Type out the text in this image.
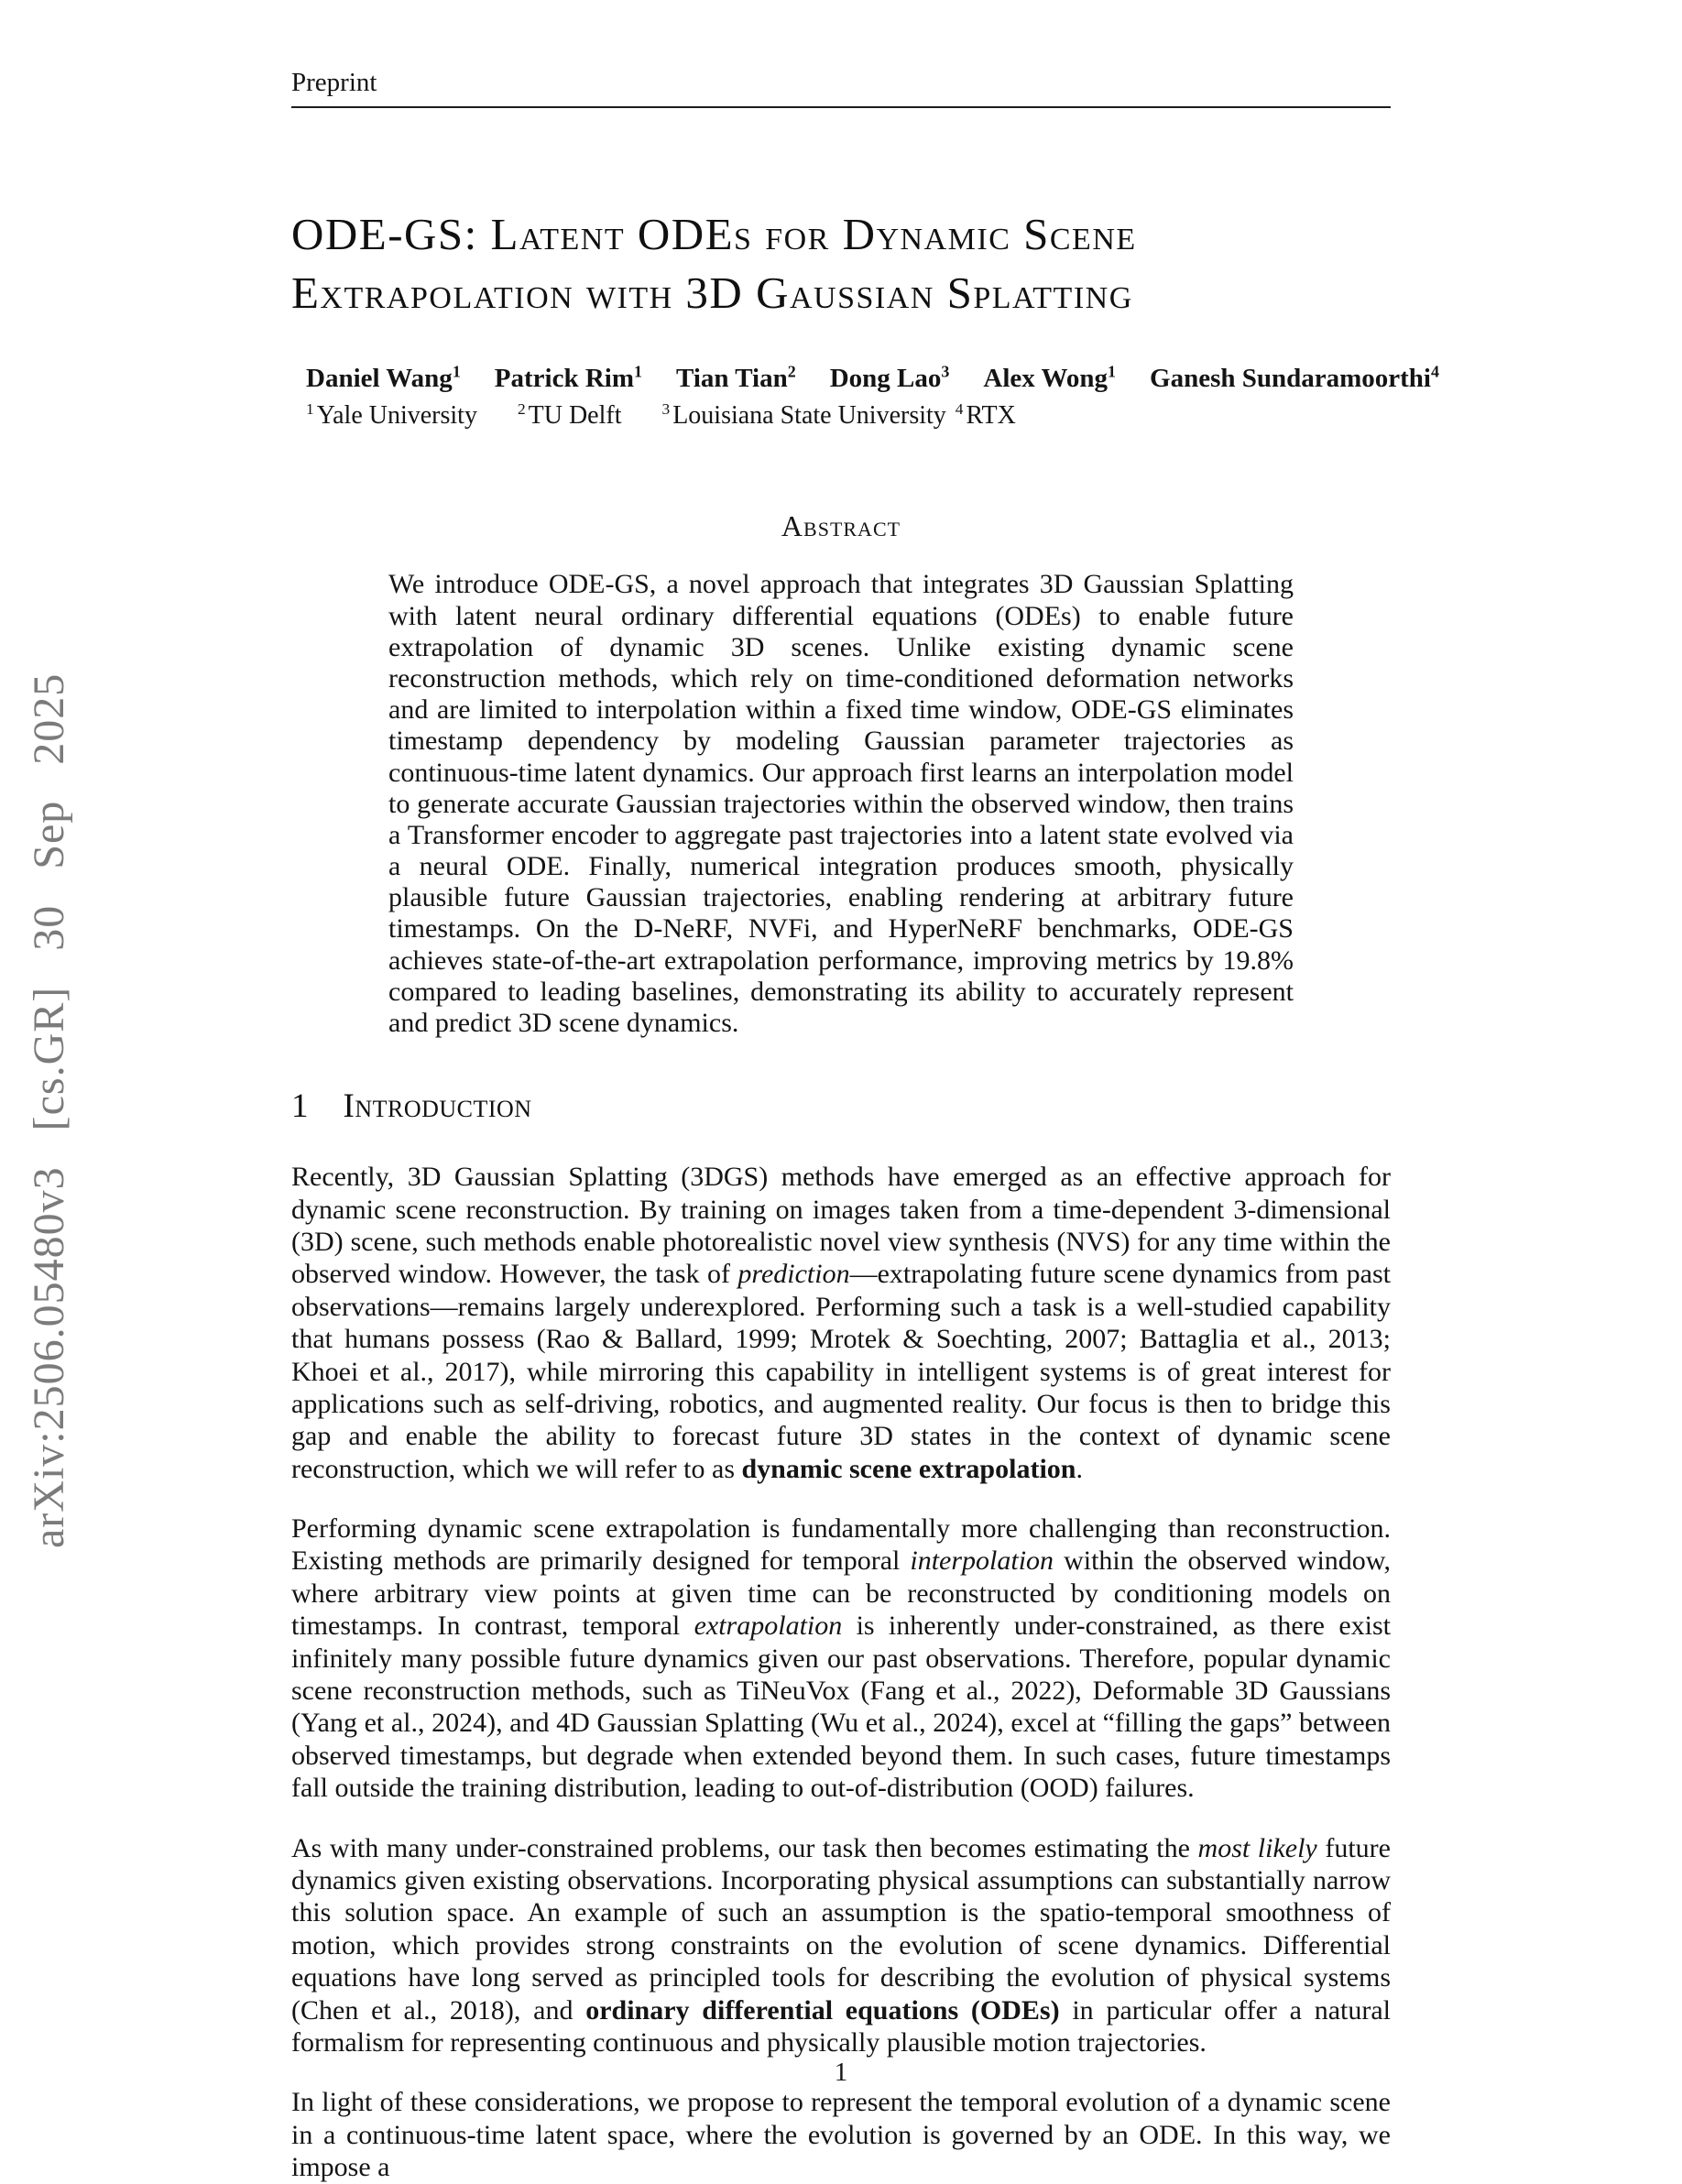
arXiv:2506.05480v3 [cs.GR] 30 Sep 2025
Preprint
ODE-GS: Latent ODEs for Dynamic Scene
Extrapolation with 3D Gaussian Splatting
Daniel Wang$^1$ Patrick Rim$^1$ Tian Tian$^2$ Dong Lao$^3$ Alex Wong$^1$ Ganesh Sundaramoorthi$^4$
$^1$ Yale University	$^2$ TU Delft	$^3$ Louisiana State University $^4$ RTX
Abstract
We introduce ODE-GS, a novel approach that integrates 3D Gaussian Splatting with latent neural ordinary differential equations (ODEs) to enable future extrapolation of dynamic 3D scenes. Unlike existing dynamic scene reconstruction methods, which rely on time-conditioned deformation networks and are limited to interpolation within a fixed time window, ODE-GS eliminates timestamp dependency by modeling Gaussian parameter trajectories as continuous-time latent dynamics. Our approach first learns an interpolation model to generate accurate Gaussian trajectories within the observed window, then trains a Transformer encoder to aggregate past trajectories into a latent state evolved via a neural ODE. Finally, numerical integration produces smooth, physically plausible future Gaussian trajectories, enabling rendering at arbitrary future timestamps. On the D-NeRF, NVFi, and HyperNeRF benchmarks, ODE-GS achieves state-of-the-art extrapolation performance, improving metrics by 19.8% compared to leading baselines, demonstrating its ability to accurately represent and predict 3D scene dynamics.
1 Introduction

Recently, 3D Gaussian Splatting (3DGS) methods have emerged as an effective approach for dynamic scene reconstruction. By training on images taken from a time-dependent 3-dimensional (3D) scene, such methods enable photorealistic novel view synthesis (NVS) for any time within the observed window. However, the task of prediction—extrapolating future scene dynamics from past observations—remains largely underexplored. Performing such a task is a well-studied capability that humans possess (Rao & Ballard, 1999; Mrotek & Soechting, 2007; Battaglia et al., 2013; Khoei et al., 2017), while mirroring this capability in intelligent systems is of great interest for applications such as self-driving, robotics, and augmented reality. Our focus is then to bridge this gap and enable the ability to forecast future 3D states in the context of dynamic scene reconstruction, which we will refer to as dynamic scene extrapolation.

Performing dynamic scene extrapolation is fundamentally more challenging than reconstruction. Existing methods are primarily designed for temporal interpolation within the observed window, where arbitrary view points at given time can be reconstructed by conditioning models on timestamps. In contrast, temporal extrapolation is inherently under-constrained, as there exist infinitely many possible future dynamics given our past observations. Therefore, popular dynamic scene reconstruction methods, such as TiNeuVox (Fang et al., 2022), Deformable 3D Gaussians (Yang et al., 2024), and 4D Gaussian Splatting (Wu et al., 2024), excel at “filling the gaps” between observed timestamps, but degrade when extended beyond them. In such cases, future timestamps fall outside the training distribution, leading to out-of-distribution (OOD) failures.

As with many under-constrained problems, our task then becomes estimating the most likely future dynamics given existing observations. Incorporating physical assumptions can substantially narrow this solution space. An example of such an assumption is the spatio-temporal smoothness of motion, which provides strong constraints on the evolution of scene dynamics. Differential equations have long served as principled tools for describing the evolution of physical systems (Chen et al., 2018), and ordinary differential equations (ODEs) in particular offer a natural formalism for representing continuous and physically plausible motion trajectories.

In light of these considerations, we propose to represent the temporal evolution of a dynamic scene in a continuous-time latent space, where the evolution is governed by an ODE. In this way, we impose a

1
